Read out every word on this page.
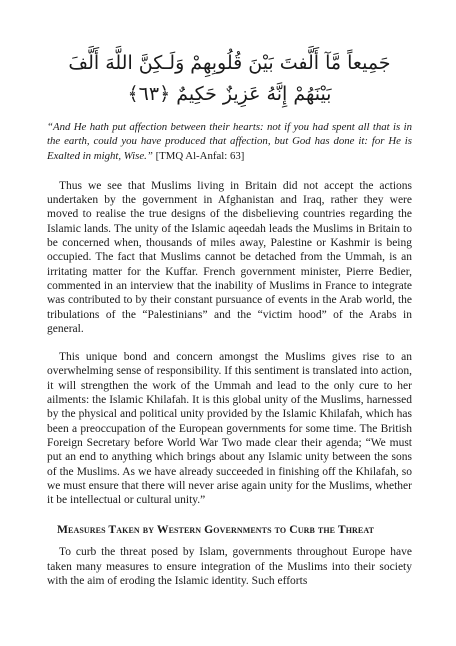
جَمِيعاً مَّآ أَلَّفتَ بَيْنَ قُلُوبِهِمْ وَلَـكِنَّ اللَّهَ أَلَّفَ
بَيْنَهُمْ إِنَّهُ عَزِيزٌ حَكِيمٌ ﴿٦٣﴾

“And He hath put affection between their hearts: not if you had spent all that is in the earth, could you have produced that affection, but God has done it: for He is Exalted in might, Wise.” [TMQ Al-Anfal: 63]

Thus we see that Muslims living in Britain did not accept the actions undertaken by the government in Afghanistan and Iraq, rather they were moved to realise the true designs of the disbelieving countries regarding the Islamic lands. The unity of the Islamic aqeedah leads the Muslims in Britain to be concerned when, thousands of miles away, Palestine or Kashmir is being occupied. The fact that Muslims cannot be detached from the Ummah, is an irritating matter for the Kuffar. French government minister, Pierre Bedier, commented in an interview that the inability of Muslims in France to integrate was contributed to by their constant pursuance of events in the Arab world, the tribulations of the “Palestinians” and the “victim hood” of the Arabs in general.

This unique bond and concern amongst the Muslims gives rise to an overwhelming sense of responsibility. If this sentiment is translated into action, it will strengthen the work of the Ummah and lead to the only cure to her ailments: the Islamic Khilafah. It is this global unity of the Muslims, harnessed by the physical and political unity provided by the Islamic Khilafah, which has been a preoccupation of the European governments for some time. The British Foreign Secretary before World War Two made clear their agenda; “We must put an end to anything which brings about any Islamic unity between the sons of the Muslims. As we have already succeeded in finishing off the Khilafah, so we must ensure that there will never arise again unity for the Muslims, whether it be intellectual or cultural unity.”

Measures Taken by Western Governments to Curb the Threat

To curb the threat posed by Islam, governments throughout Europe have taken many measures to ensure integration of the Muslims into their society with the aim of eroding the Islamic identity. Such efforts
